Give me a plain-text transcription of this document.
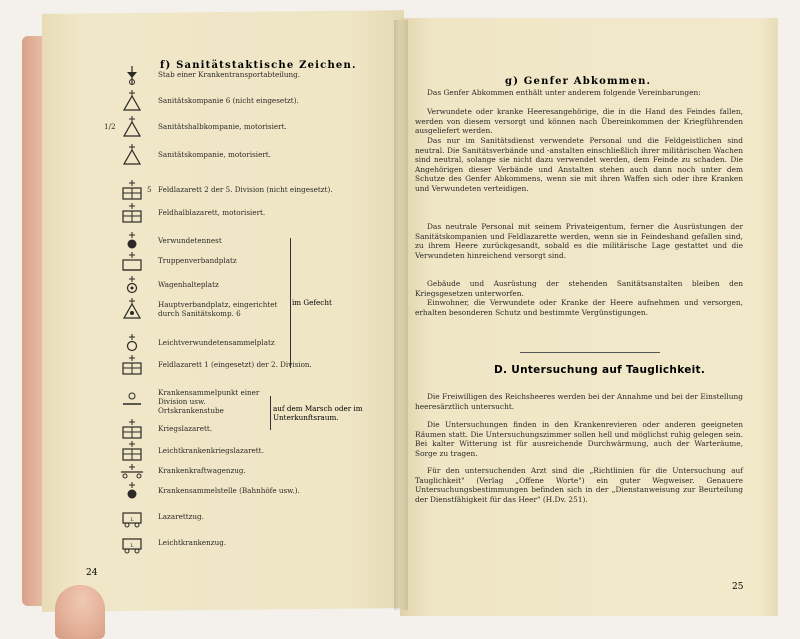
f) Sanitätstaktische Zeichen.
Stab einer Krankentransportabteilung.
Sanitätskompanie 6 (nicht eingesetzt).
1/2	Sanitätshalbkompanie, motorisiert.
Sanitätskompanie, motorisiert.
5 Feldlazarett 2 der 5. Division (nicht eingesetzt).
Feldhalblazarett, motorisiert.
Verwundetennest
Truppenverbandplatz
Wagenhalteplatz
Hauptverbandplatz, eingerichtet durch Sanitätskomp. 6
Leichtverwundetensammelplatz
Feldlazarett 1 (eingesetzt) der 2. Division.
Krankensammelpunkt einer Division usw. Ortskrankenstube
Kriegslazarett.
Leichtkrankenkriegslazarett.
Krankenkraftwagenzug.
Krankensammelstelle (Bahnhöfe usw.).
L	Lazarettzug.
L	Leichtkrankenzug.
im Gefecht
auf dem Marsch oder im Unterkunftsraum.
24
g) Genfer Abkommen.

Das Genfer Abkommen enthält unter anderem folgende Vereinbarungen:

Verwundete oder kranke Heeresangehörige, die in die Hand des Feindes fallen, werden von diesem versorgt und können nach Übereinkommen der Kriegführenden ausgeliefert werden.

Das nur im Sanitätsdienst verwendete Personal und die Feldgeistlichen sind neutral. Die Sanitätsverbände und -anstalten einschließlich ihrer militärischen Wachen sind neutral, solange sie nicht dazu verwendet werden, dem Feinde zu schaden. Die Angehörigen dieser Verbände und Anstalten stehen auch dann noch unter dem Schutze des Genfer Abkommens, wenn sie mit ihren Waffen sich oder ihre Kranken und Verwundeten verteidigen.

Das neutrale Personal mit seinem Privateigentum, ferner die Ausrüstungen der Sanitätskompanien und Feldlazarette werden, wenn sie in Feindeshand gefallen sind, zu ihrem Heere zurückgesandt, sobald es die militärische Lage gestattet und die Verwundeten hinreichend versorgt sind.

Gebäude und Ausrüstung der stehenden Sanitätsanstalten bleiben den Kriegsgesetzen unterworfen.

Einwohner, die Verwundete oder Kranke der Heere aufnehmen und versorgen, erhalten besonderen Schutz und bestimmte Vergünstigungen.

D. Untersuchung auf Tauglichkeit.

Die Freiwilligen des Reichsheeres werden bei der Annahme und bei der Einstellung heeresärztlich untersucht.

Die Untersuchungen finden in den Krankenrevieren oder anderen geeigneten Räumen statt. Die Untersuchungszimmer sollen hell und möglichst ruhig gelegen sein. Bei kalter Witterung ist für ausreichende Durchwärmung, auch der Warteräume, Sorge zu tragen.

Für den untersuchenden Arzt sind die „Richtlinien für die Untersuchung auf Tauglichkeit" (Verlag „Offene Worte") ein guter Wegweiser. Genauere Untersuchungsbestimmungen befinden sich in der „Dienstanweisung zur Beurteilung der Dienstfähigkeit für das Heer" (H.Dv. 251).

25
